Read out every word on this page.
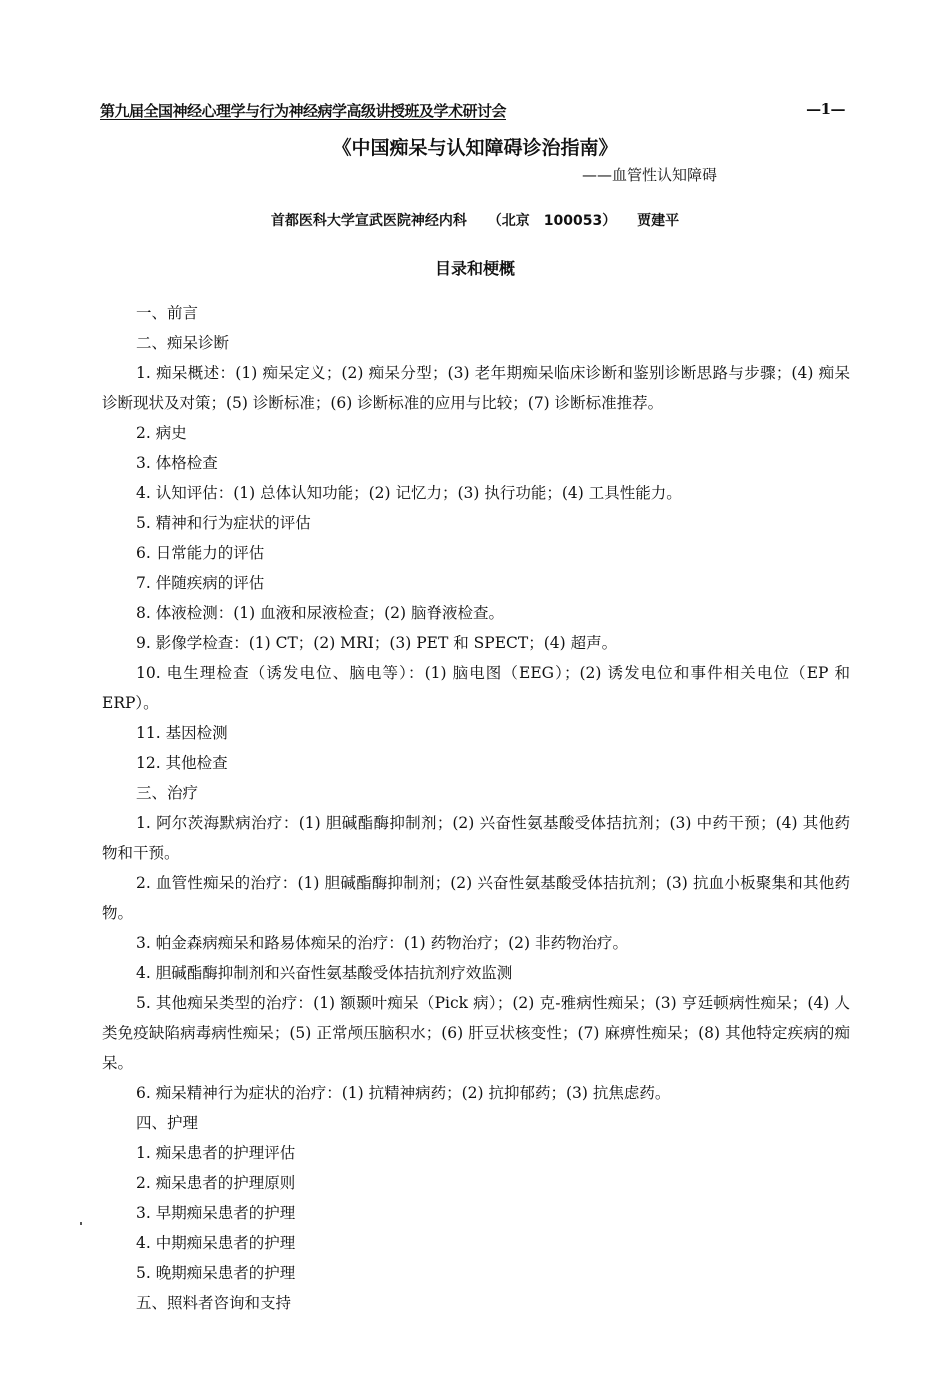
第九届全国神经心理学与行为神经病学高级讲授班及学术研讨会	—1—
《中国痴呆与认知障碍诊治指南》
——血管性认知障碍
首都医科大学宣武医院神经内科 （北京　100053） 贾建平
目录和梗概

一、前言

二、痴呆诊断

1. 痴呆概述：(1) 痴呆定义；(2) 痴呆分型；(3) 老年期痴呆临床诊断和鉴别诊断思路与步骤；(4) 痴呆诊断现状及对策；(5) 诊断标准；(6) 诊断标准的应用与比较；(7) 诊断标准推荐。

2. 病史

3. 体格检查

4. 认知评估：(1) 总体认知功能；(2) 记忆力；(3) 执行功能；(4) 工具性能力。

5. 精神和行为症状的评估

6. 日常能力的评估

7. 伴随疾病的评估

8. 体液检测：(1) 血液和尿液检查；(2) 脑脊液检查。

9. 影像学检查：(1) CT；(2) MRI；(3) PET 和 SPECT；(4) 超声。

10. 电生理检查（诱发电位、脑电等）：(1) 脑电图（EEG）；(2) 诱发电位和事件相关电位（EP 和 ERP）。

11. 基因检测

12. 其他检查

三、治疗

1. 阿尔茨海默病治疗：(1) 胆碱酯酶抑制剂；(2) 兴奋性氨基酸受体拮抗剂；(3) 中药干预；(4) 其他药物和干预。

2. 血管性痴呆的治疗：(1) 胆碱酯酶抑制剂；(2) 兴奋性氨基酸受体拮抗剂；(3) 抗血小板聚集和其他药物。

3. 帕金森病痴呆和路易体痴呆的治疗：(1) 药物治疗；(2) 非药物治疗。

4. 胆碱酯酶抑制剂和兴奋性氨基酸受体拮抗剂疗效监测

5. 其他痴呆类型的治疗：(1) 额颞叶痴呆（Pick 病）；(2) 克-雅病性痴呆；(3) 亨廷顿病性痴呆；(4) 人类免疫缺陷病毒病性痴呆；(5) 正常颅压脑积水；(6) 肝豆状核变性；(7) 麻痹性痴呆；(8) 其他特定疾病的痴呆。

6. 痴呆精神行为症状的治疗：(1) 抗精神病药；(2) 抗抑郁药；(3) 抗焦虑药。

四、护理

1. 痴呆患者的护理评估

2. 痴呆患者的护理原则

3. 早期痴呆患者的护理

4. 中期痴呆患者的护理

5. 晚期痴呆患者的护理

五、照料者咨询和支持
